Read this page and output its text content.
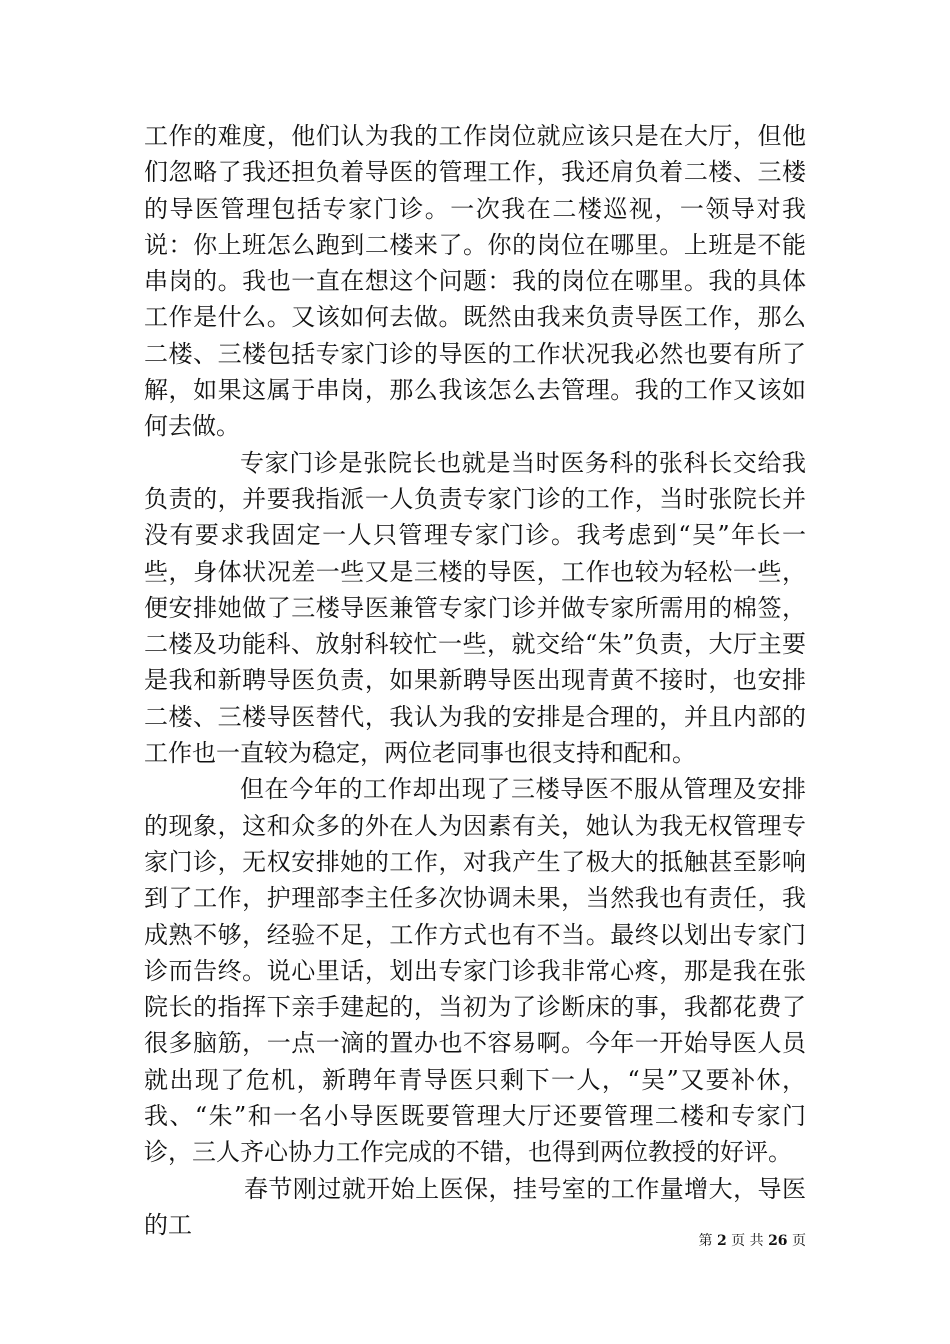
工作的难度，他们认为我的工作岗位就应该只是在大厅，但他们忽略了我还担负着导医的管理工作，我还肩负着二楼、三楼的导医管理包括专家门诊。一次我在二楼巡视，一领导对我说：你上班怎么跑到二楼来了。你的岗位在哪里。上班是不能串岗的。我也一直在想这个问题：我的岗位在哪里。我的具体工作是什么。又该如何去做。既然由我来负责导医工作，那么二楼、三楼包括专家门诊的导医的工作状况我必然也要有所了解，如果这属于串岗，那么我该怎么去管理。我的工作又该如何去做。

专家门诊是张院长也就是当时医务科的张科长交给我负责的，并要我指派一人负责专家门诊的工作，当时张院长并没有要求我固定一人只管理专家门诊。我考虑到“吴”年长一些，身体状况差一些又是三楼的导医，工作也较为轻松一些，便安排她做了三楼导医兼管专家门诊并做专家所需用的棉签，二楼及功能科、放射科较忙一些，就交给“朱”负责，大厅主要是我和新聘导医负责，如果新聘导医出现青黄不接时，也安排二楼、三楼导医替代，我认为我的安排是合理的，并且内部的工作也一直较为稳定，两位老同事也很支持和配和。

但在今年的工作却出现了三楼导医不服从管理及安排的现象，这和众多的外在人为因素有关，她认为我无权管理专家门诊，无权安排她的工作，对我产生了极大的抵触甚至影响到了工作，护理部李主任多次协调未果，当然我也有责任，我成熟不够，经验不足，工作方式也有不当。最终以划出专家门诊而告终。说心里话，划出专家门诊我非常心疼，那是我在张院长的指挥下亲手建起的，当初为了诊断床的事，我都花费了很多脑筋，一点一滴的置办也不容易啊。今年一开始导医人员就出现了危机，新聘年青导医只剩下一人，“吴”又要补休，我、“朱”和一名小导医既要管理大厅还要管理二楼和专家门诊，三人齐心协力工作完成的不错，也得到两位教授的好评。

春节刚过就开始上医保，挂号室的工作量增大，导医的工

第 2 页 共 26 页
